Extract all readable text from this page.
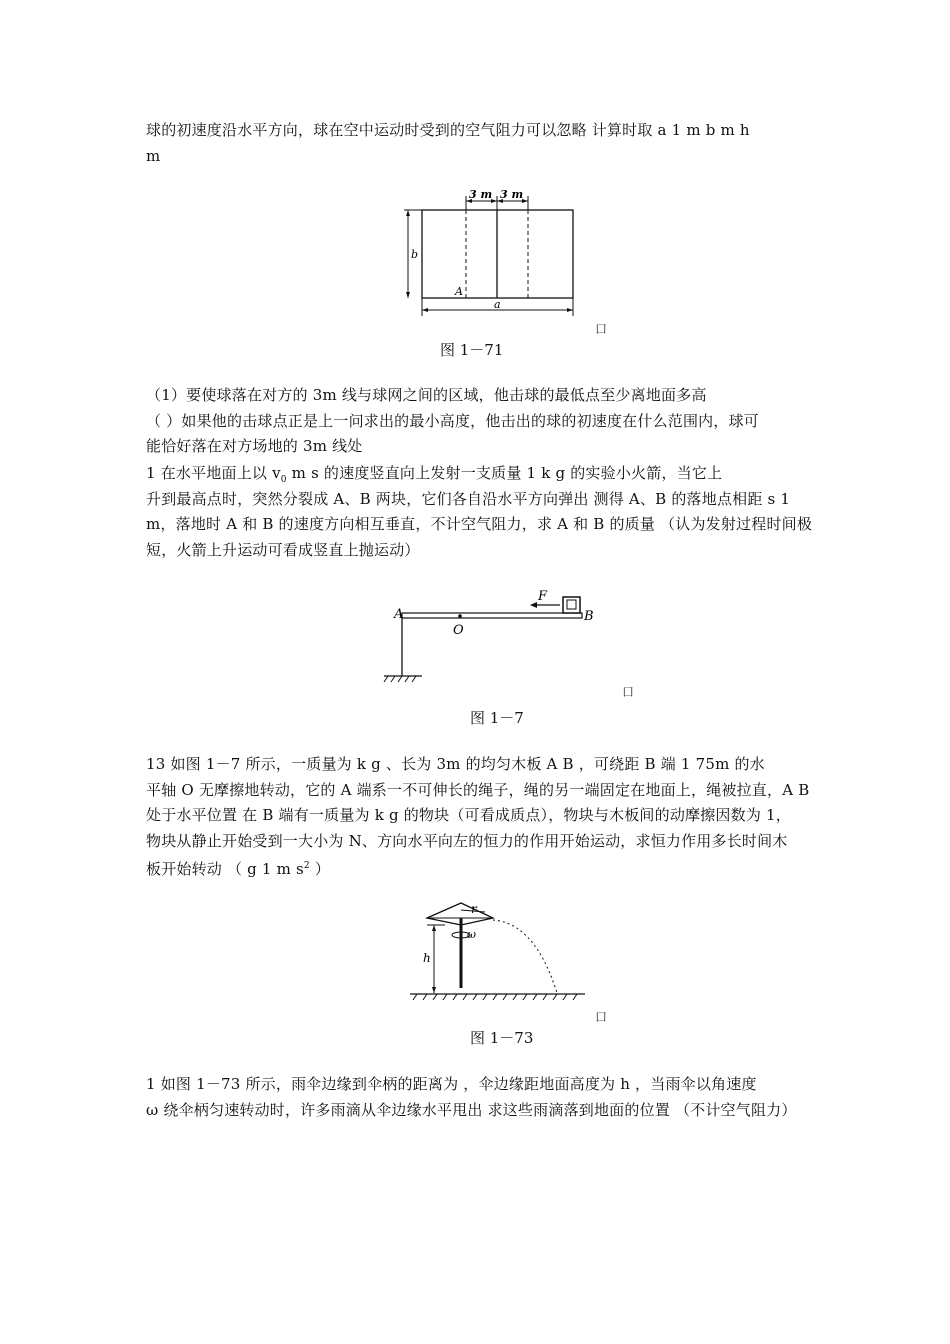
球的初速度沿水平方向，球在空中运动时受到的空气阻力可以忽略 计算时取 a 1 m b m h
m
3 m 3 m
b
a
A
口
图 1－71
（1）要使球落在对方的 3m 线与球网之间的区域，他击球的最低点至少离地面多高
（ ）如果他的击球点正是上一问求出的最小高度，他击出的球的初速度在什么范围内，球可
能恰好落在对方场地的 3m 线处
1 在水平地面上以 $v_0$ m s 的速度竖直向上发射一支质量 1 k g 的实验小火箭，当它上
升到最高点时，突然分裂成 A、B 两块，它们各自沿水平方向弹出 测得 A、B 的落地点相距 s 1
m，落地时 A 和 B 的速度方向相互垂直，不计空气阻力，求 A 和 B 的质量 （认为发射过程时间极
短，火箭上升运动可看成竖直上抛运动）
F
A
O
B
口
图 1－7
13 如图 1－7 所示，一质量为 k g 、长为 3m 的均匀木板 A B ，可绕距 B 端 1 75m 的水
平轴 O 无摩擦地转动，它的 A 端系一不可伸长的绳子，绳的另一端固定在地面上，绳被拉直，A B
处于水平位置 在 B 端有一质量为 k g 的物块（可看成质点），物块与木板间的动摩擦因数为 1，
物块从静止开始受到一大小为 N、方向水平向左的恒力的作用开始运动，求恒力作用多长时间木
板开始转动 （ g 1 m $s^2$ ）
r
ω
h
口
图 1－73
1 如图 1－73 所示，雨伞边缘到伞柄的距离为 ，伞边缘距地面高度为 h ，当雨伞以角速度
ω 绕伞柄匀速转动时，许多雨滴从伞边缘水平甩出 求这些雨滴落到地面的位置 （不计空气阻力）
